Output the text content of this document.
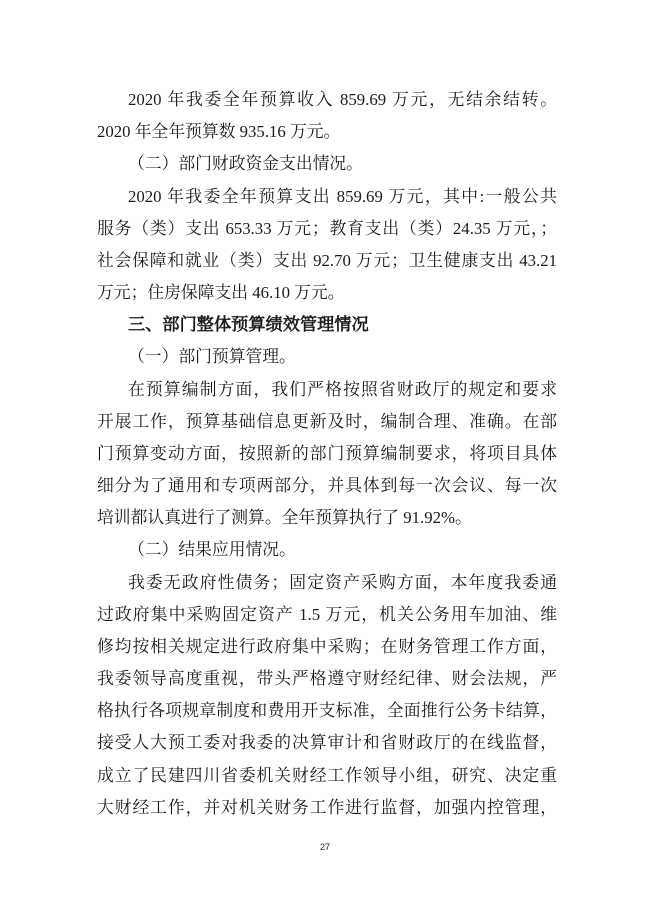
2020 年我委全年预算收入 859.69 万元，无结余结转。
2020 年全年预算数 935.16 万元。
（二）部门财政资金支出情况。
2020 年我委全年预算支出 859.69 万元，其中:一般公共
服务（类）支出 653.33 万元；教育支出（类）24.35 万元，；
社会保障和就业（类）支出 92.70 万元；卫生健康支出 43.21
万元；住房保障支出 46.10 万元。
三、部门整体预算绩效管理情况
（一）部门预算管理。
在预算编制方面，我们严格按照省财政厅的规定和要求
开展工作，预算基础信息更新及时，编制合理、准确。在部
门预算变动方面，按照新的部门预算编制要求，将项目具体
细分为了通用和专项两部分，并具体到每一次会议、每一次
培训都认真进行了测算。全年预算执行了 91.92%。
（二）结果应用情况。
我委无政府性债务；固定资产采购方面，本年度我委通
过政府集中采购固定资产 1.5 万元，机关公务用车加油、维
修均按相关规定进行政府集中采购；在财务管理工作方面，
我委领导高度重视，带头严格遵守财经纪律、财会法规，严
格执行各项规章制度和费用开支标准，全面推行公务卡结算，
接受人大预工委对我委的决算审计和省财政厅的在线监督，
成立了民建四川省委机关财经工作领导小组，研究、决定重
大财经工作，并对机关财务工作进行监督，加强内控管理，
27
